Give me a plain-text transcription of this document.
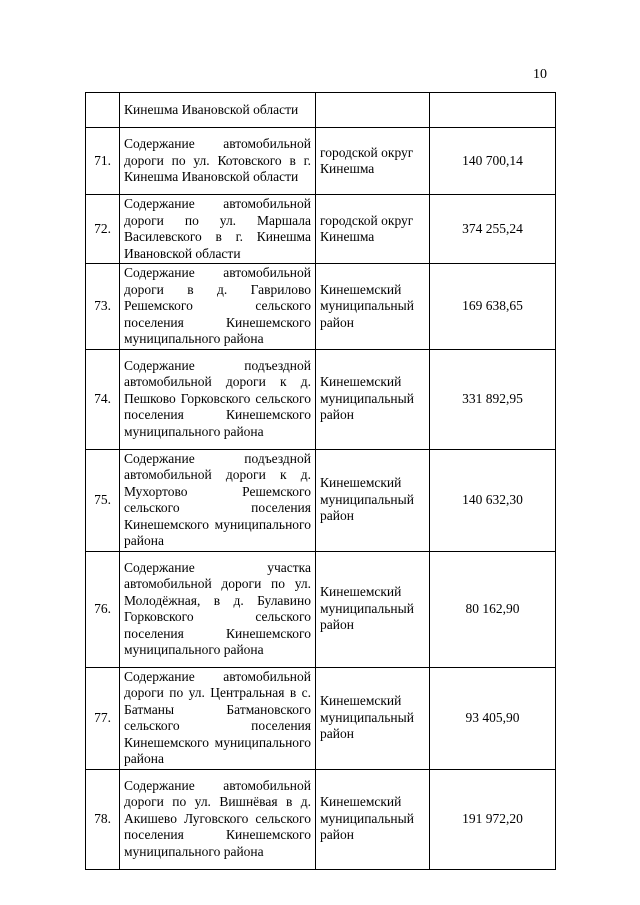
10
	Кинешма Ивановской области		
71.	Содержание автомобильной дороги по ул. Котовского в г. Кинешма Ивановской области	городской округ Кинешма	140 700,14
72.	Содержание автомобильной дороги по ул. Маршала Василевского в г. Кинешма Ивановской области	городской округ Кинешма	374 255,24
73.	Содержание автомобильной дороги в д. Гаврилово Решемского сельского поселения Кинешемского муниципального района	Кинешемский муниципальный район	169 638,65
74.	Содержание подъездной автомобильной дороги к д. Пешково Горковского сельского поселения Кинешемского муниципального района	Кинешемский муниципальный район	331 892,95
75.	Содержание подъездной автомобильной дороги к д. Мухортово Решемского сельского поселения Кинешемского муниципального района	Кинешемский муниципальный район	140 632,30
76.	Содержание участка автомобильной дороги по ул. Молодёжная, в д. Булавино Горковского сельского поселения Кинешемского муниципального района	Кинешемский муниципальный район	80 162,90
77.	Содержание автомобильной дороги по ул. Центральная в с. Батманы Батмановского сельского поселения Кинешемского муниципального района	Кинешемский муниципальный район	93 405,90
78.	Содержание автомобильной дороги по ул. Вишнёвая в д. Акишево Луговского сельского поселения Кинешемского муниципального района	Кинешемский муниципальный район	191 972,20
